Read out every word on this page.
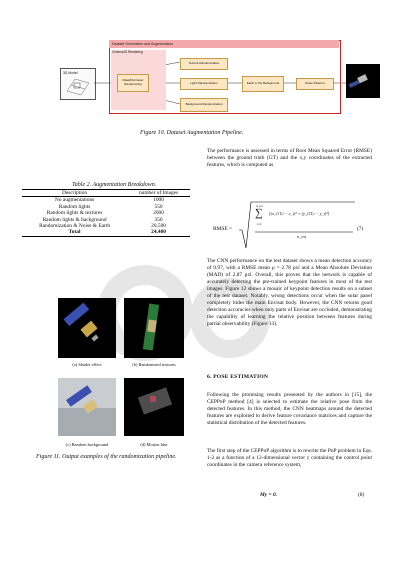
3D Model
Dataset Generation and Augmentation
Cinema4D Rendering
Mask/Perimeter Randomizing
Texture Randomization
Light Randomization
Background Randomization
Earth in the Background	Noise Patterns
Figure 10. Dataset Augmentation Pipeline.
Table 2. Augmentation Breakdown.
Description	number of Images
No augmentations	1000
Random lights	550
Random lights & textures	2000
Random lights & background	350
Randomization & Noise & Earth	20,500
Total	24,400
(a) Shader effect	(b) Randomized textures
(c) Random background	(d) Motion blur
Figure 11. Output examples of the randomization pipeline.
The performance is assessed in terms of Root Mean Squared Error (RMSE) between the ground truth (GT) and the x,y coordinates of the extracted features, which is computed as
RMSE =
n_tot
∑
i=1
[(x_GT,i − x_i)² + (y_GT,i − y_i)²]
n_tot
(7)
The CNN performance on the test dataset shows a mean detection accuracy of 0.97, with a RMSE mean μ = 2.78 pxl and a Mean Absolute Deviation (MAD) of 2.87 pxl. Overall, this proves that the network is capable of accurately detecting the pre-trained keypoint features in most of the test images. Figure 12 shows a mosaic of keypoint detection results on a subset of the test dataset. Notably, wrong detections occur when the solar panel completely hides the main Envisat body. However, the CNN returns good detection accuracies when only parts of Envisat are occluded, demonstrating the capability of learning the relative position between features during partial observability (Figure 13).
6. POSE ESTIMATION
Following the promising results presented by the authors in [15], the CEPPnP method [4] is selected to estimate the relative pose from the detected features. In this method, the CNN heatmaps around the detected features are exploited to derive feature covariance matrices and capture the statistical distribution of the detected features.
The first step of the CEPPnP algorithm is to rewrite the PnP problem in Eqs. 1-2 as a function of a 12-dimensional vector y containing the control point coordinates in the camera reference system,
My = 0.	(8)
